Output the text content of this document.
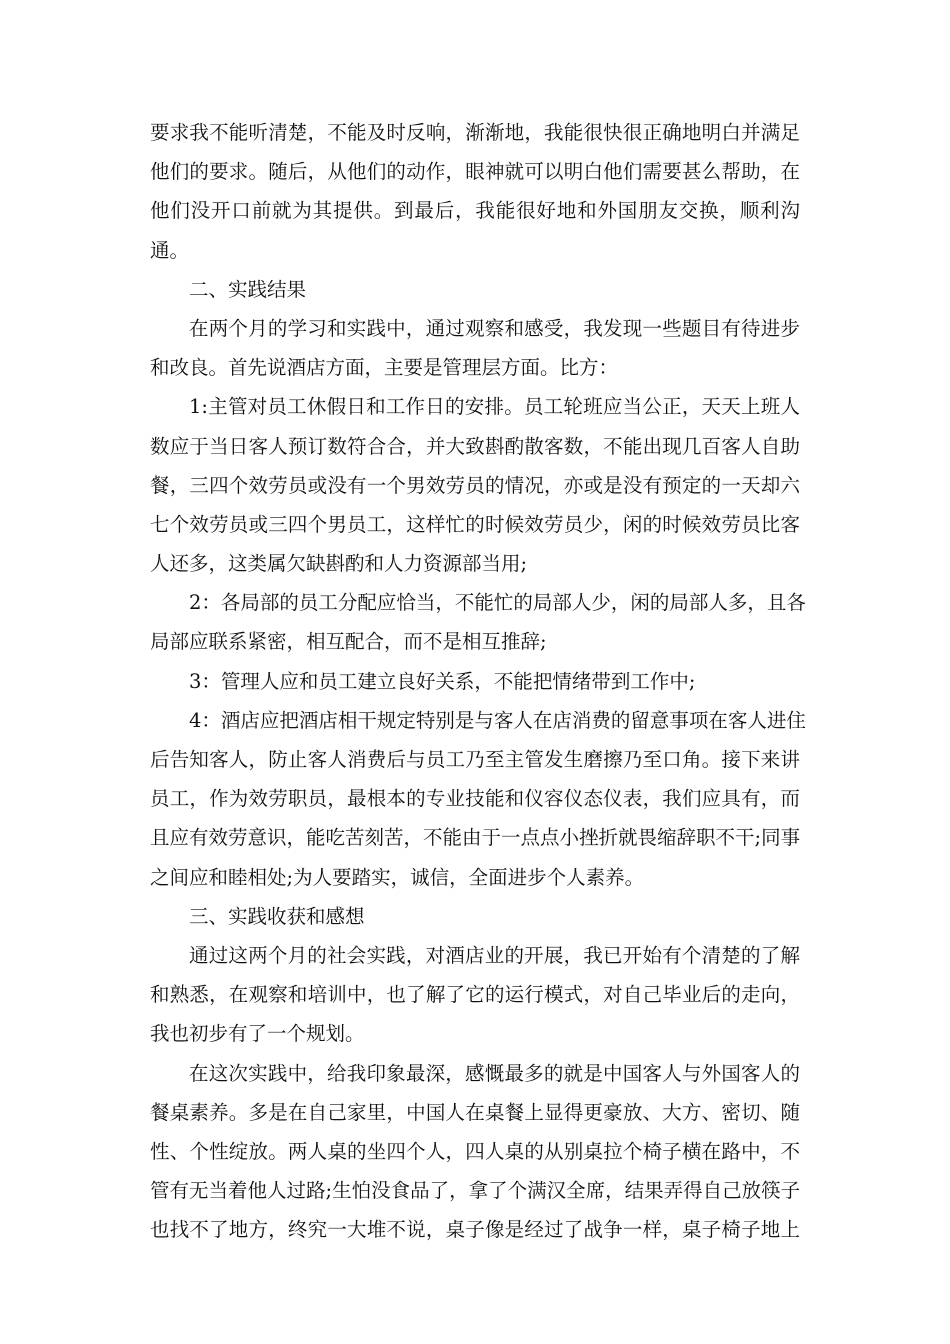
要求我不能听清楚，不能及时反响，渐渐地，我能很快很正确地明白并满足
他们的要求。随后，从他们的动作，眼神就可以明白他们需要甚么帮助，在
他们没开口前就为其提供。到最后，我能很好地和外国朋友交换，顺利沟
通。
二、实践结果
在两个月的学习和实践中，通过观察和感受，我发现一些题目有待进步
和改良。首先说酒店方面，主要是管理层方面。比方：
1:主管对员工休假日和工作日的安排。员工轮班应当公正，天天上班人
数应于当日客人预订数符合合，并大致斟酌散客数，不能出现几百客人自助
餐，三四个效劳员或没有一个男效劳员的情况，亦或是没有预定的一天却六
七个效劳员或三四个男员工，这样忙的时候效劳员少，闲的时候效劳员比客
人还多，这类属欠缺斟酌和人力资源部当用;
2：各局部的员工分配应恰当，不能忙的局部人少，闲的局部人多，且各
局部应联系紧密，相互配合，而不是相互推辞;
3：管理人应和员工建立良好关系，不能把情绪带到工作中;
4：酒店应把酒店相干规定特别是与客人在店消费的留意事项在客人进住
后告知客人，防止客人消费后与员工乃至主管发生磨擦乃至口角。接下来讲
员工，作为效劳职员，最根本的专业技能和仪容仪态仪表，我们应具有，而
且应有效劳意识，能吃苦刻苦，不能由于一点点小挫折就畏缩辞职不干;同事
之间应和睦相处;为人要踏实，诚信，全面进步个人素养。
三、实践收获和感想
通过这两个月的社会实践，对酒店业的开展，我已开始有个清楚的了解
和熟悉，在观察和培训中，也了解了它的运行模式，对自己毕业后的走向，
我也初步有了一个规划。
在这次实践中，给我印象最深，感慨最多的就是中国客人与外国客人的
餐桌素养。多是在自己家里，中国人在桌餐上显得更豪放、大方、密切、随
性、个性绽放。两人桌的坐四个人，四人桌的从别桌拉个椅子横在路中，不
管有无当着他人过路;生怕没食品了，拿了个满汉全席，结果弄得自己放筷子
也找不了地方，终究一大堆不说，桌子像是经过了战争一样，桌子椅子地上
